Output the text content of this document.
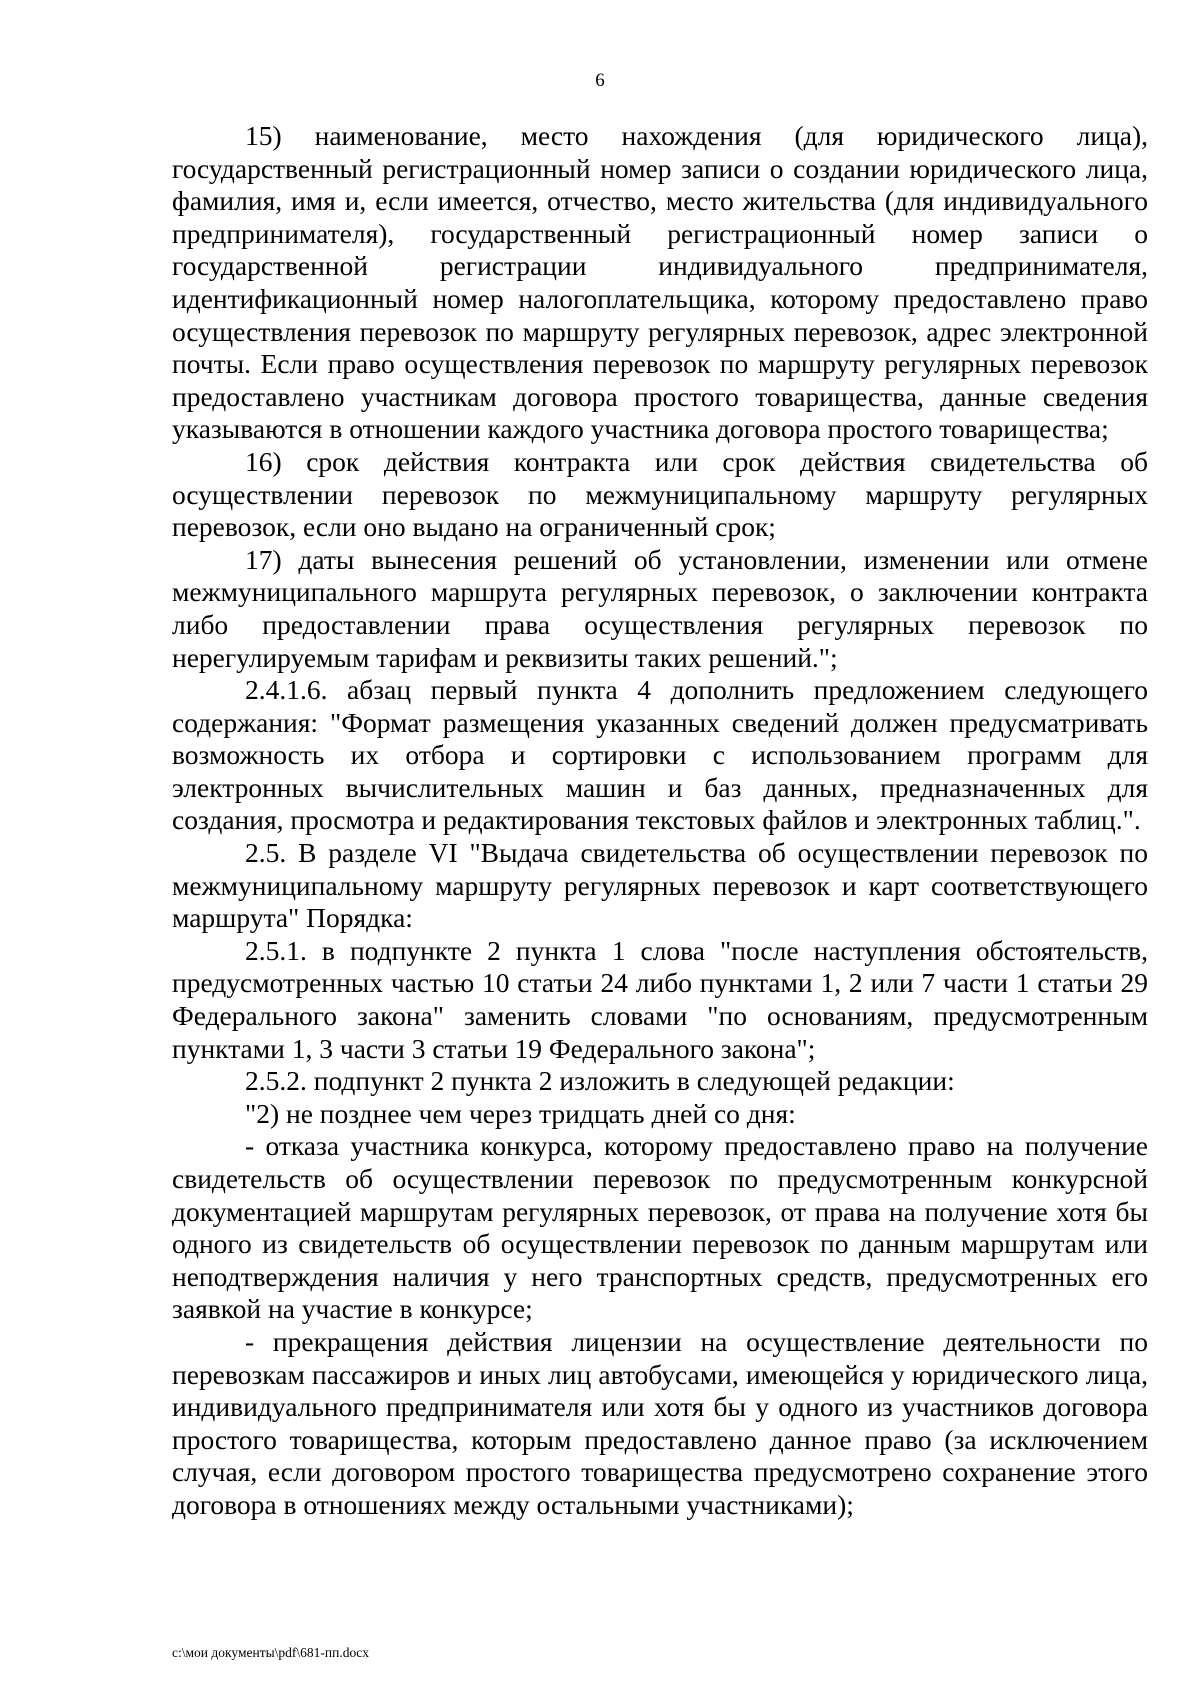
6

15) наименование, место нахождения (для юридического лица), государственный регистрационный номер записи о создании юридического лица, фамилия, имя и, если имеется, отчество, место жительства (для индивидуального предпринимателя), государственный регистрационный номер записи о государственной регистрации индивидуального предпринимателя, идентификационный номер налогоплательщика, которому предоставлено право осуществления перевозок по маршруту регулярных перевозок, адрес электронной почты. Если право осуществления перевозок по маршруту регулярных перевозок предоставлено участникам договора простого товарищества, данные сведения указываются в отношении каждого участника договора простого товарищества;

16) срок действия контракта или срок действия свидетельства об осуществлении перевозок по межмуниципальному маршруту регулярных перевозок, если оно выдано на ограниченный срок;

17) даты вынесения решений об установлении, изменении или отмене межмуниципального маршрута регулярных перевозок, о заключении контракта либо предоставлении права осуществления регулярных перевозок по нерегулируемым тарифам и реквизиты таких решений.";

2.4.1.6. абзац первый пункта 4 дополнить предложением следующего содержания: "Формат размещения указанных сведений должен предусматривать возможность их отбора и сортировки с использованием программ для электронных вычислительных машин и баз данных, предназначенных для создания, просмотра и редактирования текстовых файлов и электронных таблиц.".

2.5. В разделе VI "Выдача свидетельства об осуществлении перевозок по межмуниципальному маршруту регулярных перевозок и карт соответствующего маршрута" Порядка:

2.5.1. в подпункте 2 пункта 1 слова "после наступления обстоятельств, предусмотренных частью 10 статьи 24 либо пунктами 1, 2 или 7 части 1 статьи 29 Федерального закона" заменить словами "по основаниям, предусмотренным пунктами 1, 3 части 3 статьи 19 Федерального закона";

2.5.2. подпункт 2 пункта 2 изложить в следующей редакции:

"2) не позднее чем через тридцать дней со дня:

- отказа участника конкурса, которому предоставлено право на получение свидетельств об осуществлении перевозок по предусмотренным конкурсной документацией маршрутам регулярных перевозок, от права на получение хотя бы одного из свидетельств об осуществлении перевозок по данным маршрутам или неподтверждения наличия у него транспортных средств, предусмотренных его заявкой на участие в конкурсе;

- прекращения действия лицензии на осуществление деятельности по перевозкам пассажиров и иных лиц автобусами, имеющейся у юридического лица, индивидуального предпринимателя или хотя бы у одного из участников договора простого товарищества, которым предоставлено данное право (за исключением случая, если договором простого товарищества предусмотрено сохранение этого договора в отношениях между остальными участниками);

c:\мои документы\pdf\681-пп.docx
